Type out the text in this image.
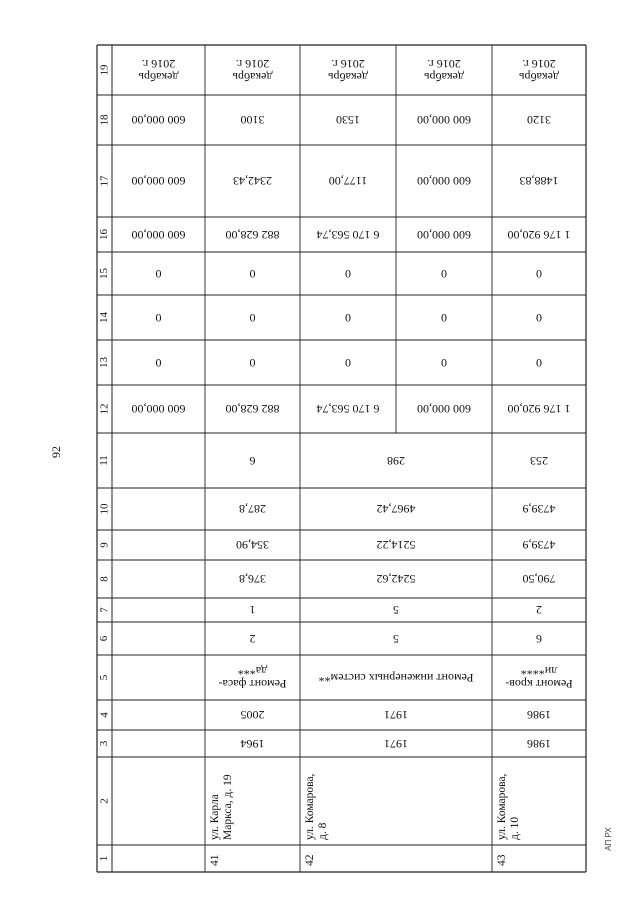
92
АП РХ
1
2
3
4
5
6
7
8
9
10
11
12
13
14
15
16
17
18
19
600 000,00
0
0
0
600 000,00
600 000,00
600 000,00
декабрь
2016 г.
1964
2005
Ремонт фаса-
да***
2
1
376,8
354,90
287,8
6
882 628,00
0
0
0
882 628,00
2342,43
3100
декабрь
2016 г.
600 000,00
0
0
0
600 000,00
600 000,00
600 000,00
декабрь
2016 г.
1986
1986
Ремонт кров-
ли****
6
2
790,50
4739,9
4739,9
253
1 176 920,00
0
0
0
1 176 920,00
1488,83
3120
декабрь
2016 г.
1971
1971
Ремонт инженерных систем**
5
5
5242,62
5214,22
4967,42
298
6 170 563,74
0
0
0
6 170 563,74
1177,00
1530
декабрь
2016 г.
41
ул. Карла Маркса, д. 19
42
ул. Комарова, д. 8
43
ул. Комарова, д. 10
